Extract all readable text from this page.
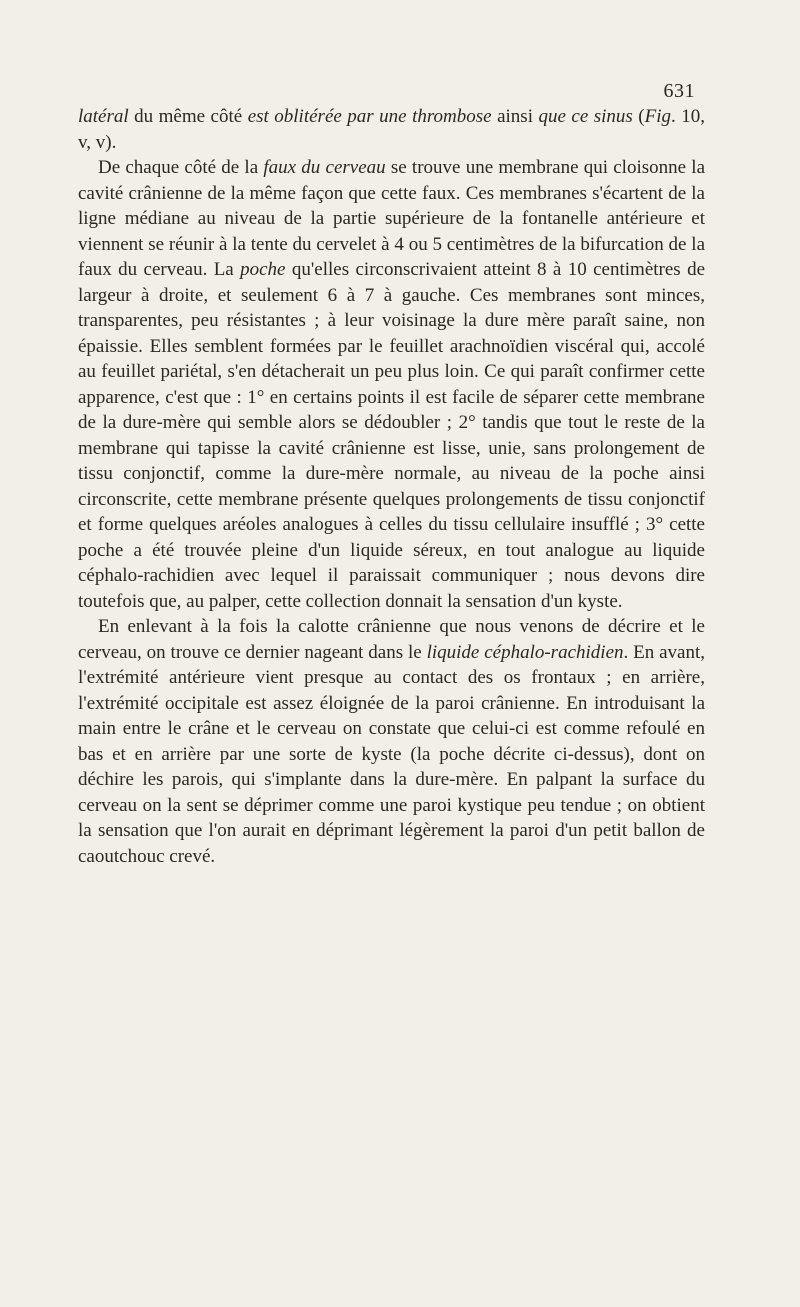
631

latéral du même côté est oblitérée par une thrombose ainsi que ce sinus (Fig. 10, v, v).

De chaque côté de la faux du cerveau se trouve une membrane qui cloisonne la cavité crânienne de la même façon que cette faux. Ces membranes s'écartent de la ligne médiane au niveau de la partie supérieure de la fontanelle antérieure et viennent se réunir à la tente du cervelet à 4 ou 5 centimètres de la bifurcation de la faux du cerveau. La poche qu'elles circonscrivaient atteint 8 à 10 centimètres de largeur à droite, et seulement 6 à 7 à gauche. Ces membranes sont minces, transparentes, peu résistantes ; à leur voisinage la dure mère paraît saine, non épaissie. Elles semblent formées par le feuillet arachnoïdien viscéral qui, accolé au feuillet pariétal, s'en détacherait un peu plus loin. Ce qui paraît confirmer cette apparence, c'est que : 1° en certains points il est facile de séparer cette membrane de la dure-mère qui semble alors se dédoubler ; 2° tandis que tout le reste de la membrane qui tapisse la cavité crânienne est lisse, unie, sans prolongement de tissu conjonctif, comme la dure-mère normale, au niveau de la poche ainsi circonscrite, cette membrane présente quelques prolongements de tissu conjonctif et forme quelques aréoles analogues à celles du tissu cellulaire insufflé ; 3° cette poche a été trouvée pleine d'un liquide séreux, en tout analogue au liquide céphalo-rachidien avec lequel il paraissait communiquer ; nous devons dire toutefois que, au palper, cette collection donnait la sensation d'un kyste.

En enlevant à la fois la calotte crânienne que nous venons de décrire et le cerveau, on trouve ce dernier nageant dans le liquide céphalo-rachidien. En avant, l'extrémité antérieure vient presque au contact des os frontaux ; en arrière, l'extrémité occipitale est assez éloignée de la paroi crânienne. En introduisant la main entre le crâne et le cerveau on constate que celui-ci est comme refoulé en bas et en arrière par une sorte de kyste (la poche décrite ci-dessus), dont on déchire les parois, qui s'implante dans la dure-mère. En palpant la surface du cerveau on la sent se déprimer comme une paroi kystique peu tendue ; on obtient la sensation que l'on aurait en déprimant légèrement la paroi d'un petit ballon de caoutchouc crevé.
